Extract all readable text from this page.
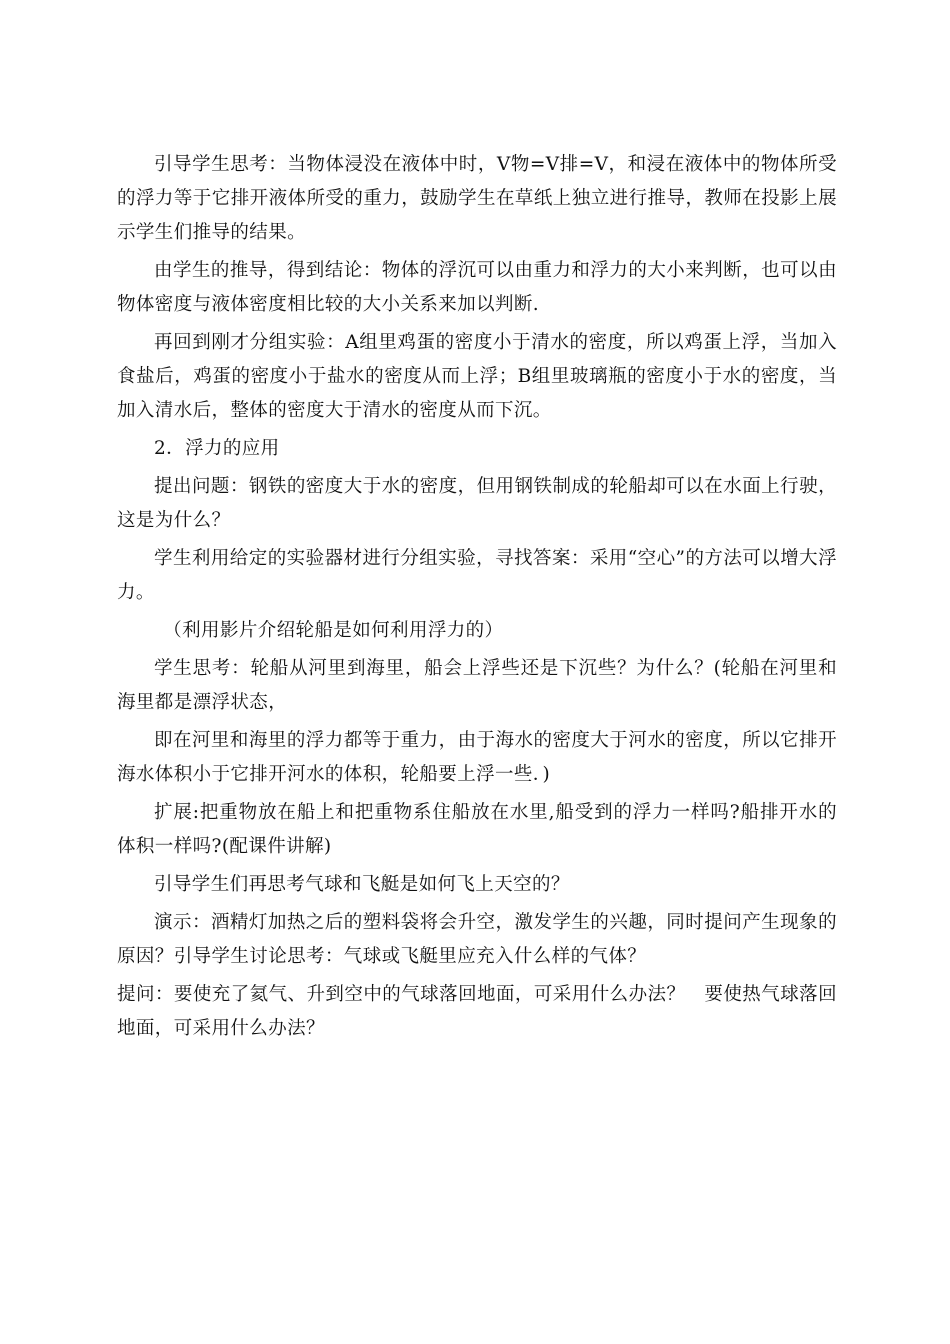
引导学生思考：当物体浸没在液体中时，V物=V排=V，和浸在液体中的物体所受的浮力等于它排开液体所受的重力，鼓励学生在草纸上独立进行推导，教师在投影上展示学生们推导的结果。

由学生的推导，得到结论：物体的浮沉可以由重力和浮力的大小来判断，也可以由物体密度与液体密度相比较的大小关系来加以判断.

再回到刚才分组实验：A组里鸡蛋的密度小于清水的密度，所以鸡蛋上浮，当加入食盐后，鸡蛋的密度小于盐水的密度从而上浮；B组里玻璃瓶的密度小于水的密度，当加入清水后，整体的密度大于清水的密度从而下沉。

2．浮力的应用

提出问题：钢铁的密度大于水的密度，但用钢铁制成的轮船却可以在水面上行驶，这是为什么？

学生利用给定的实验器材进行分组实验，寻找答案：采用“空心”的方法可以增大浮力。

（利用影片介绍轮船是如何利用浮力的）

学生思考：轮船从河里到海里，船会上浮些还是下沉些？为什么？(轮船在河里和海里都是漂浮状态，

即在河里和海里的浮力都等于重力，由于海水的密度大于河水的密度，所以它排开海水体积小于它排开河水的体积，轮船要上浮一些．)

扩展:把重物放在船上和把重物系住船放在水里,船受到的浮力一样吗?船排开水的体积一样吗?(配课件讲解)

引导学生们再思考气球和飞艇是如何飞上天空的？

演示：酒精灯加热之后的塑料袋将会升空，激发学生的兴趣，同时提问产生现象的原因？引导学生讨论思考：气球或飞艇里应充入什么样的气体？

提问：要使充了氦气、升到空中的气球落回地面，可采用什么办法？　要使热气球落回地面，可采用什么办法？
